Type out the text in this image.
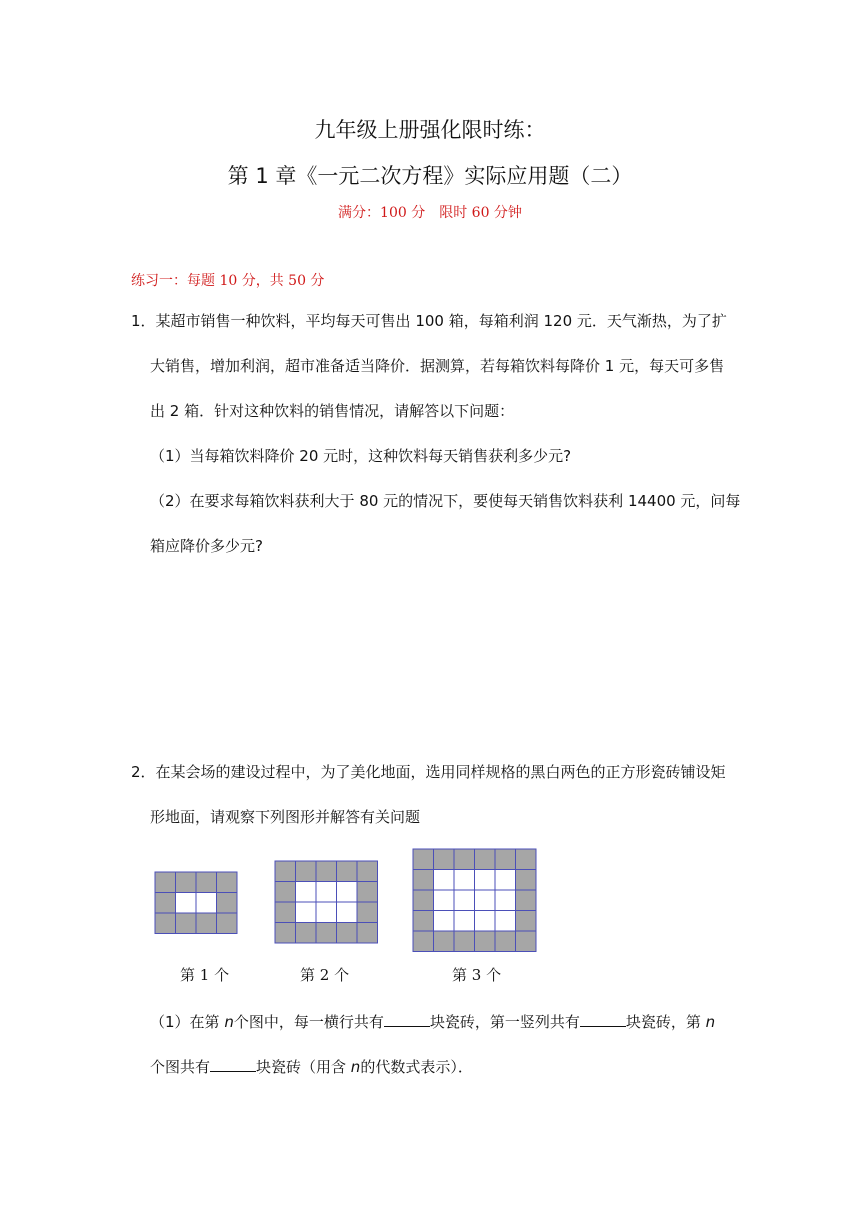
九年级上册强化限时练：
第 1 章《一元二次方程》实际应用题（二）
满分：100 分　限时 60 分钟
练习一：每题 10 分，共 50 分
1．某超市销售一种饮料，平均每天可售出 100 箱，每箱利润 120 元．天气渐热，为了扩
大销售，增加利润，超市准备适当降价．据测算，若每箱饮料每降价 1 元，每天可多售
出 2 箱．针对这种饮料的销售情况，请解答以下问题：
（1）当每箱饮料降价 20 元时，这种饮料每天销售获利多少元?
（2）在要求每箱饮料获利大于 80 元的情况下，要使每天销售饮料获利 14400 元，问每
箱应降价多少元?
2．在某会场的建设过程中，为了美化地面，选用同样规格的黑白两色的正方形瓷砖铺设矩
形地面，请观察下列图形并解答有关问题
第 1 个	第 2 个	第 3 个
（1）在第 n个图中，每一横行共有	块瓷砖，第一竖列共有	块瓷砖，第 n
个图共有	块瓷砖（用含 n的代数式表示）．
